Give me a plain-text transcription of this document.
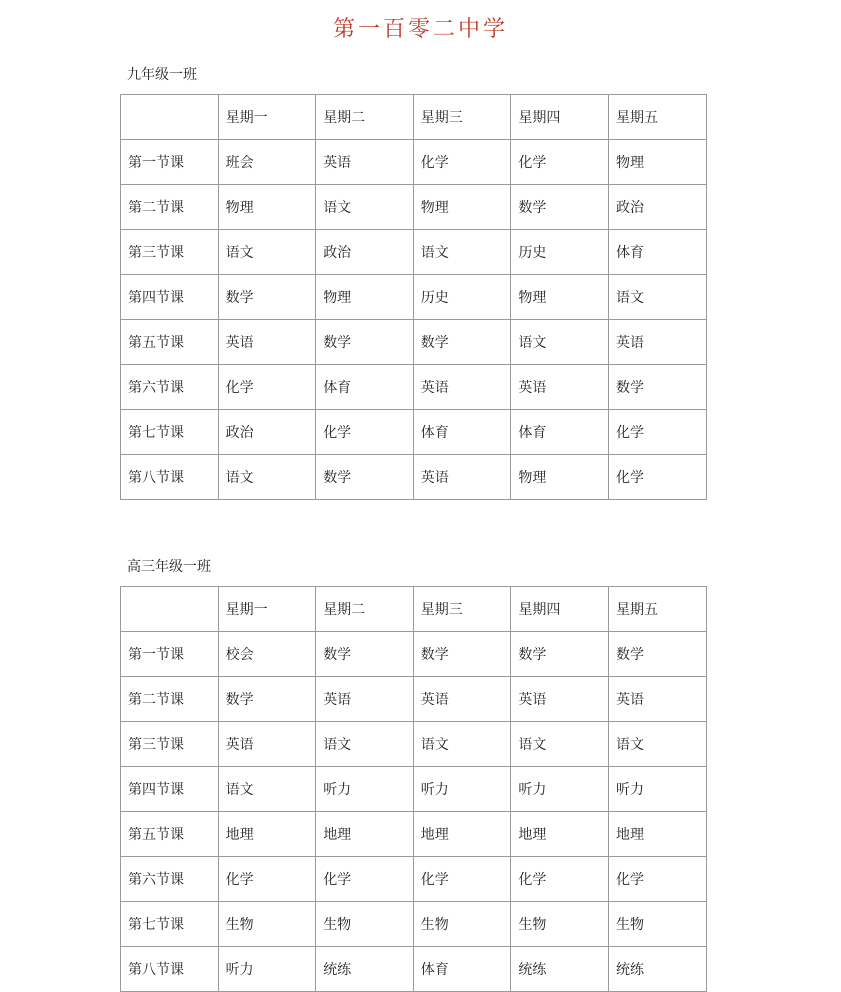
第一百零二中学
九年级一班
	星期一	星期二	星期三	星期四	星期五
第一节课	班会	英语	化学	化学	物理
第二节课	物理	语文	物理	数学	政治
第三节课	语文	政治	语文	历史	体育
第四节课	数学	物理	历史	物理	语文
第五节课	英语	数学	数学	语文	英语
第六节课	化学	体育	英语	英语	数学
第七节课	政治	化学	体育	体育	化学
第八节课	语文	数学	英语	物理	化学
高三年级一班
	星期一	星期二	星期三	星期四	星期五
第一节课	校会	数学	数学	数学	数学
第二节课	数学	英语	英语	英语	英语
第三节课	英语	语文	语文	语文	语文
第四节课	语文	听力	听力	听力	听力
第五节课	地理	地理	地理	地理	地理
第六节课	化学	化学	化学	化学	化学
第七节课	生物	生物	生物	生物	生物
第八节课	听力	统练	体育	统练	统练
